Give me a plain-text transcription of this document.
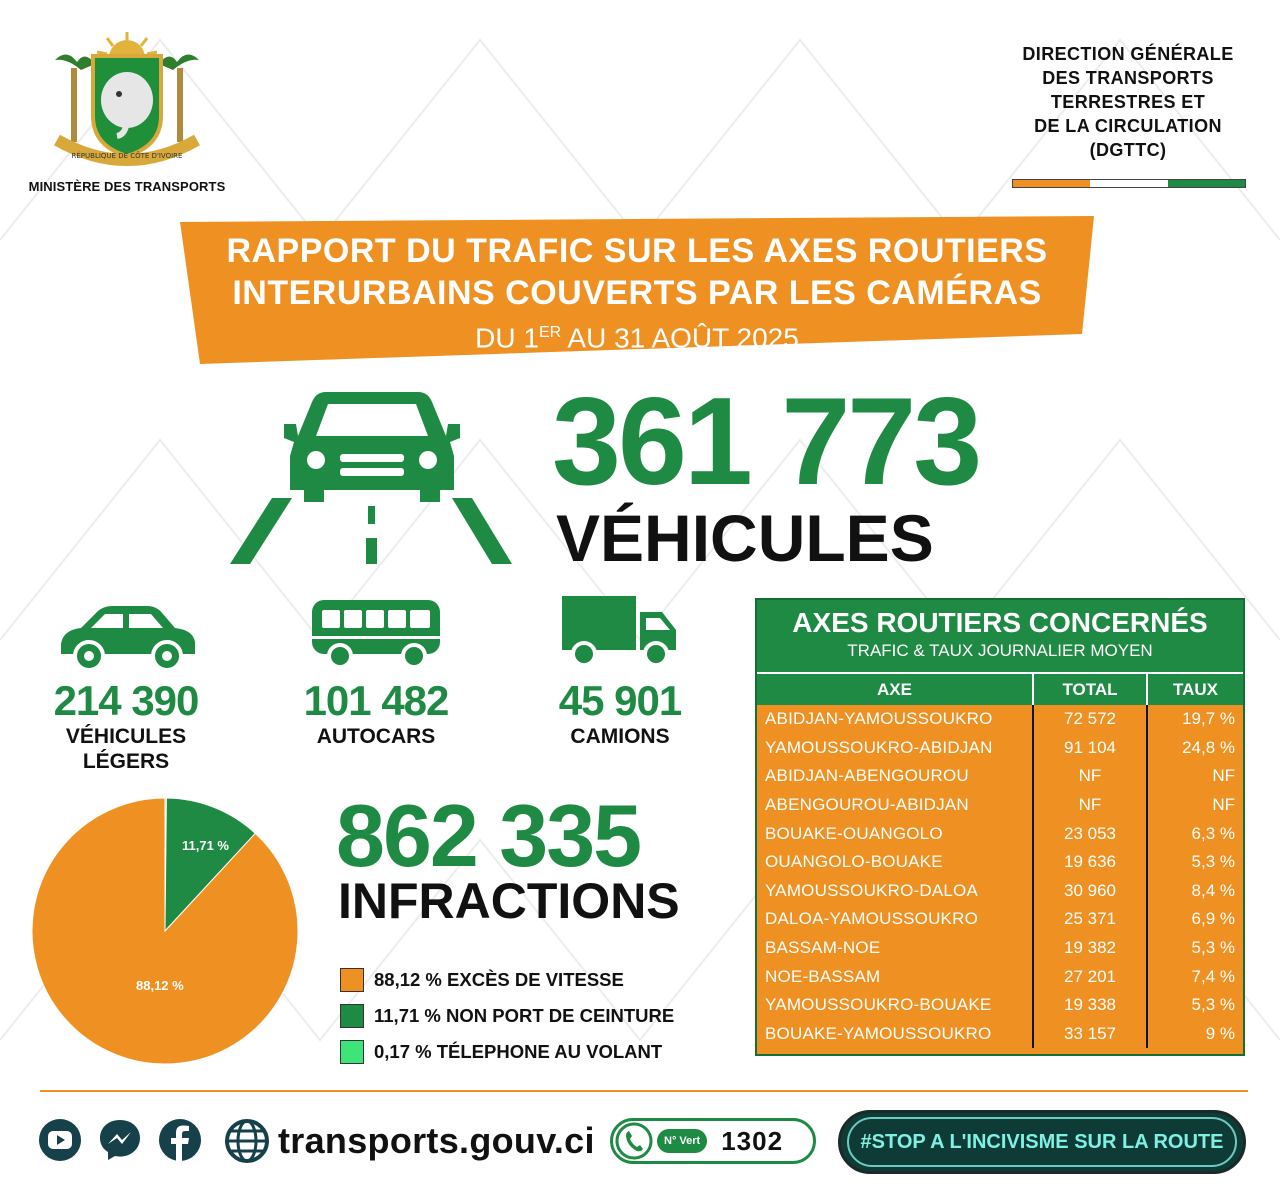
RÉPUBLIQUE DE CÔTE D'IVOIRE
MINISTÈRE DES TRANSPORTS
DIRECTION GÉNÉRALE
DES TRANSPORTS
TERRESTRES ET
DE LA CIRCULATION
(DGTTC)
RAPPORT DU TRAFIC SUR LES AXES ROUTIERS
INTERURBAINS COUVERTS PAR LES CAMÉRAS
DU 1ER AU 31 AOÛT 2025
361 773
VÉHICULES
214 390
VÉHICULES
LÉGERS
101 482
AUTOCARS
45 901
CAMIONS
11,71 %
88,12 %
862 335
INFRACTIONS
88,12 % EXCÈS DE VITESSE
11,71 % NON PORT DE CEINTURE
0,17 % TÉLEPHONE AU VOLANT
AXES ROUTIERS CONCERNÉS
TRAFIC & TAUX JOURNALIER MOYEN
AXE	TOTAL	TAUX
ABIDJAN-YAMOUSSOUKRO	72 572	19,7 %
YAMOUSSOUKRO-ABIDJAN	91 104	24,8 %
ABIDJAN-ABENGOUROU	NF	NF
ABENGOUROU-ABIDJAN	NF	NF
BOUAKE-OUANGOLO	23 053	6,3 %
OUANGOLO-BOUAKE	19 636	5,3 %
YAMOUSSOUKRO-DALOA	30 960	8,4 %
DALOA-YAMOUSSOUKRO	25 371	6,9 %
BASSAM-NOE	19 382	5,3 %
NOE-BASSAM	27 201	7,4 %
YAMOUSSOUKRO-BOUAKE	19 338	5,3 %
BOUAKE-YAMOUSSOUKRO	33 157	9 %
transports.gouv.ci	N° Vert 1302	#STOP A L'INCIVISME SUR LA ROUTE
